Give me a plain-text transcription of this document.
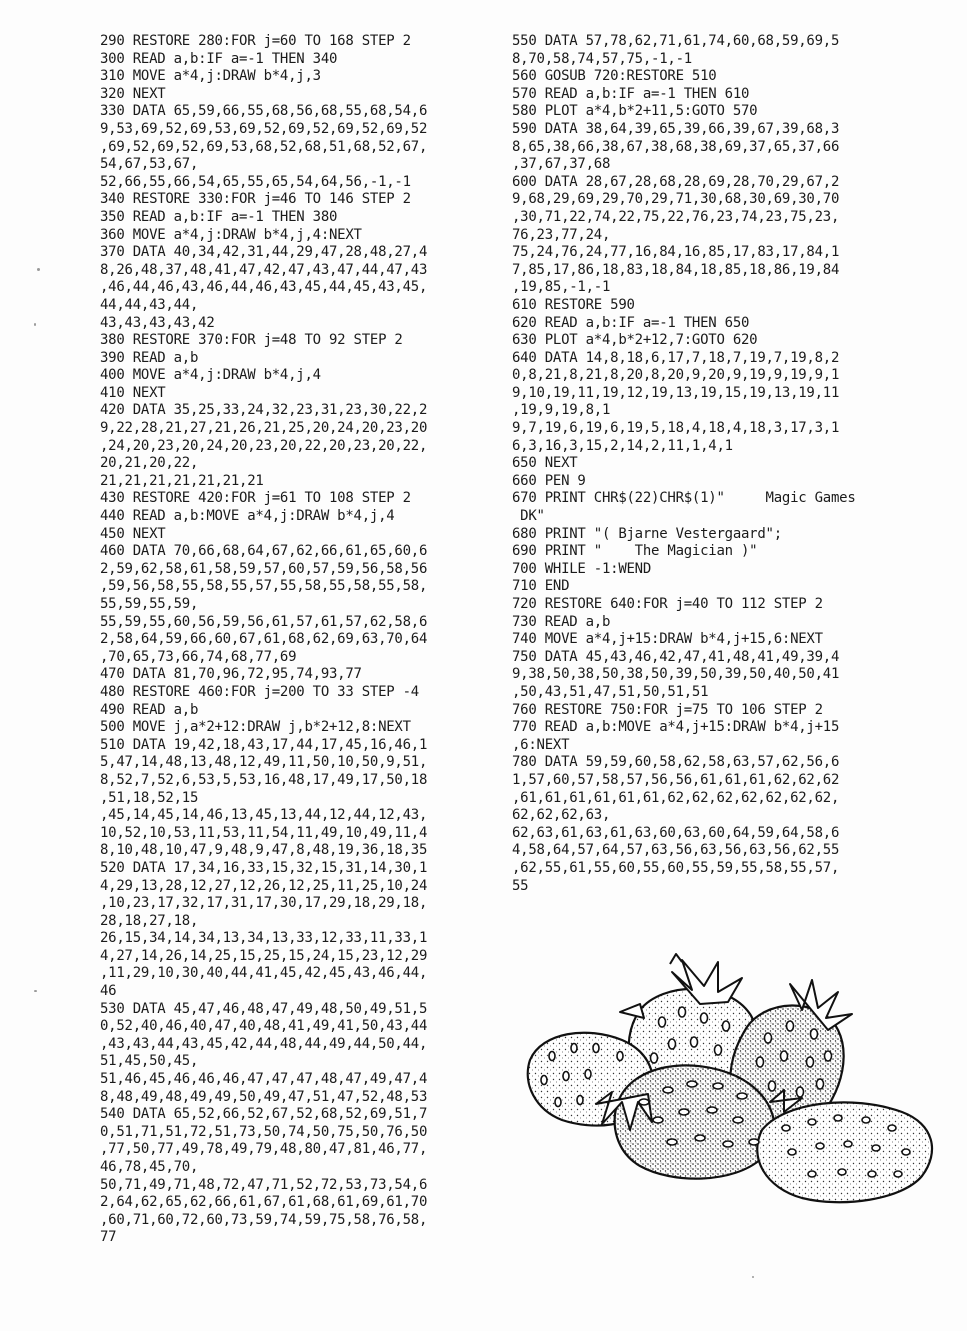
290 RESTORE 280:FOR j=60 TO 168 STEP 2
300 READ a,b:IF a=-1 THEN 340
310 MOVE a*4,j:DRAW b*4,j,3
320 NEXT
330 DATA 65,59,66,55,68,56,68,55,68,54,6
9,53,69,52,69,53,69,52,69,52,69,52,69,52
,69,52,69,52,69,53,68,52,68,51,68,52,67,
54,67,53,67,
52,66,55,66,54,65,55,65,54,64,56,-1,-1
340 RESTORE 330:FOR j=46 TO 146 STEP 2
350 READ a,b:IF a=-1 THEN 380
360 MOVE a*4,j:DRAW b*4,j,4:NEXT
370 DATA 40,34,42,31,44,29,47,28,48,27,4
8,26,48,37,48,41,47,42,47,43,47,44,47,43
,46,44,46,43,46,44,46,43,45,44,45,43,45,
44,44,43,44,
43,43,43,43,42
380 RESTORE 370:FOR j=48 TO 92 STEP 2
390 READ a,b
400 MOVE a*4,j:DRAW b*4,j,4
410 NEXT
420 DATA 35,25,33,24,32,23,31,23,30,22,2
9,22,28,21,27,21,26,21,25,20,24,20,23,20
,24,20,23,20,24,20,23,20,22,20,23,20,22,
20,21,20,22,
21,21,21,21,21,21,21
430 RESTORE 420:FOR j=61 TO 108 STEP 2
440 READ a,b:MOVE a*4,j:DRAW b*4,j,4
450 NEXT
460 DATA 70,66,68,64,67,62,66,61,65,60,6
2,59,62,58,61,58,59,57,60,57,59,56,58,56
,59,56,58,55,58,55,57,55,58,55,58,55,58,
55,59,55,59,
55,59,55,60,56,59,56,61,57,61,57,62,58,6
2,58,64,59,66,60,67,61,68,62,69,63,70,64
,70,65,73,66,74,68,77,69
470 DATA 81,70,96,72,95,74,93,77
480 RESTORE 460:FOR j=200 TO 33 STEP -4
490 READ a,b
500 MOVE j,a*2+12:DRAW j,b*2+12,8:NEXT
510 DATA 19,42,18,43,17,44,17,45,16,46,1
5,47,14,48,13,48,12,49,11,50,10,50,9,51,
8,52,7,52,6,53,5,53,16,48,17,49,17,50,18
,51,18,52,15
,45,14,45,14,46,13,45,13,44,12,44,12,43,
10,52,10,53,11,53,11,54,11,49,10,49,11,4
8,10,48,10,47,9,48,9,47,8,48,19,36,18,35
520 DATA 17,34,16,33,15,32,15,31,14,30,1
4,29,13,28,12,27,12,26,12,25,11,25,10,24
,10,23,17,32,17,31,17,30,17,29,18,29,18,
28,18,27,18,
26,15,34,14,34,13,34,13,33,12,33,11,33,1
4,27,14,26,14,25,15,25,15,24,15,23,12,29
,11,29,10,30,40,44,41,45,42,45,43,46,44,
46
530 DATA 45,47,46,48,47,49,48,50,49,51,5
0,52,40,46,40,47,40,48,41,49,41,50,43,44
,43,43,44,43,45,42,44,48,44,49,44,50,44,
51,45,50,45,
51,46,45,46,46,46,47,47,47,48,47,49,47,4
8,48,49,48,49,49,50,49,47,51,47,52,48,53
540 DATA 65,52,66,52,67,52,68,52,69,51,7
0,51,71,51,72,51,73,50,74,50,75,50,76,50
,77,50,77,49,78,49,79,48,80,47,81,46,77,
46,78,45,70,
50,71,49,71,48,72,47,71,52,72,53,73,54,6
2,64,62,65,62,66,61,67,61,68,61,69,61,70
,60,71,60,72,60,73,59,74,59,75,58,76,58,
77
550 DATA 57,78,62,71,61,74,60,68,59,69,5
8,70,58,74,57,75,-1,-1
560 GOSUB 720:RESTORE 510
570 READ a,b:IF a=-1 THEN 610
580 PLOT a*4,b*2+11,5:GOTO 570
590 DATA 38,64,39,65,39,66,39,67,39,68,3
8,65,38,66,38,67,38,68,38,69,37,65,37,66
,37,67,37,68
600 DATA 28,67,28,68,28,69,28,70,29,67,2
9,68,29,69,29,70,29,71,30,68,30,69,30,70
,30,71,22,74,22,75,22,76,23,74,23,75,23,
76,23,77,24,
75,24,76,24,77,16,84,16,85,17,83,17,84,1
7,85,17,86,18,83,18,84,18,85,18,86,19,84
,19,85,-1,-1
610 RESTORE 590
620 READ a,b:IF a=-1 THEN 650
630 PLOT a*4,b*2+12,7:GOTO 620
640 DATA 14,8,18,6,17,7,18,7,19,7,19,8,2
0,8,21,8,21,8,20,8,20,9,20,9,19,9,19,9,1
9,10,19,11,19,12,19,13,19,15,19,13,19,11
,19,9,19,8,1
9,7,19,6,19,6,19,5,18,4,18,4,18,3,17,3,1
6,3,16,3,15,2,14,2,11,1,4,1
650 NEXT
660 PEN 9
670 PRINT CHR$(22)CHR$(1)"     Magic Games
DK"
680 PRINT "( Bjarne Vestergaard";
690 PRINT "    The Magician )"
700 WHILE -1:WEND
710 END
720 RESTORE 640:FOR j=40 TO 112 STEP 2
730 READ a,b
740 MOVE a*4,j+15:DRAW b*4,j+15,6:NEXT
750 DATA 45,43,46,42,47,41,48,41,49,39,4
9,38,50,38,50,38,50,39,50,39,50,40,50,41
,50,43,51,47,51,50,51,51
760 RESTORE 750:FOR j=75 TO 106 STEP 2
770 READ a,b:MOVE a*4,j+15:DRAW b*4,j+15
,6:NEXT
780 DATA 59,59,60,58,62,58,63,57,62,56,6
1,57,60,57,58,57,56,56,61,61,61,62,62,62
,61,61,61,61,61,61,62,62,62,62,62,62,62,
62,62,62,63,
62,63,61,63,61,63,60,63,60,64,59,64,58,6
4,58,64,57,64,57,63,56,63,56,63,56,62,55
,62,55,61,55,60,55,60,55,59,55,58,55,57,
55
